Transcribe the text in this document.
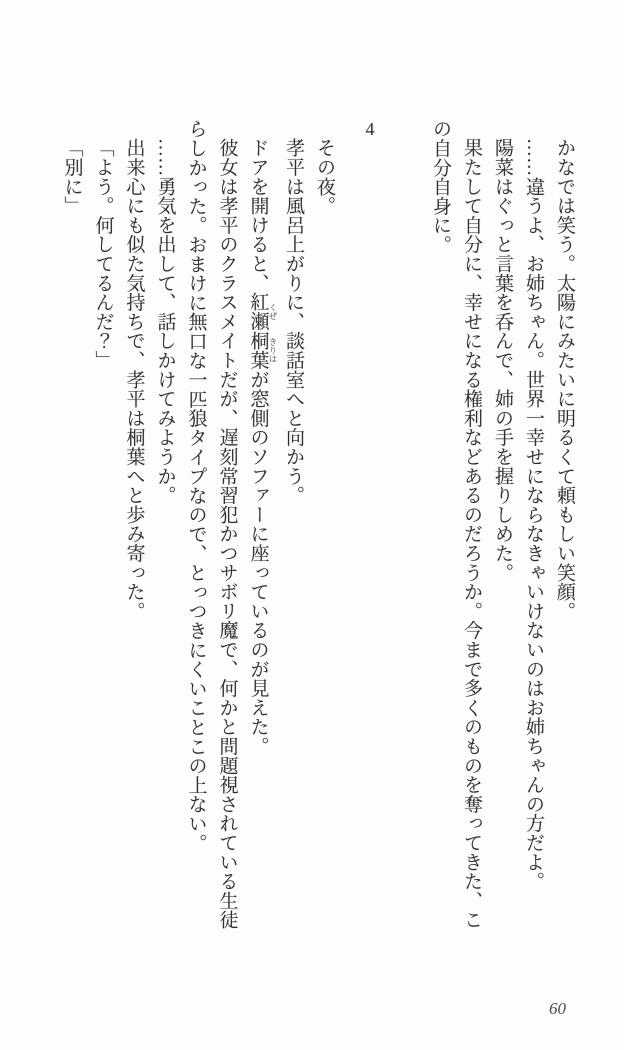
かなでは笑う。太陽にみたいに明るくて頼もしい笑顔。
……違うよ、お姉ちゃん。世界一幸せにならなきゃいけないのはお姉ちゃんの方だよ。
陽菜はぐっと言葉を呑んで、姉の手を握りしめた。
果たして自分に、幸せになる権利などあるのだろうか。今まで多くのものを奪ってきた、こ
の自分自身に。
4
その夜。
孝平は風呂上がりに、談話室へと向かう。
ドアを開けると、紅瀬 くぜ桐葉 きりはが窓側のソファーに座っているのが見えた。
彼女は孝平のクラスメイトだが、遅刻常習犯かつサボリ魔で、何かと問題視されている生徒
らしかった。おまけに無口な一匹狼タイプなので、とっつきにくいことこの上ない。
……勇気を出して、話しかけてみようか。
出来心にも似た気持ちで、孝平は桐葉へと歩み寄った。
「よう。何してるんだ？」
「別に」
60
